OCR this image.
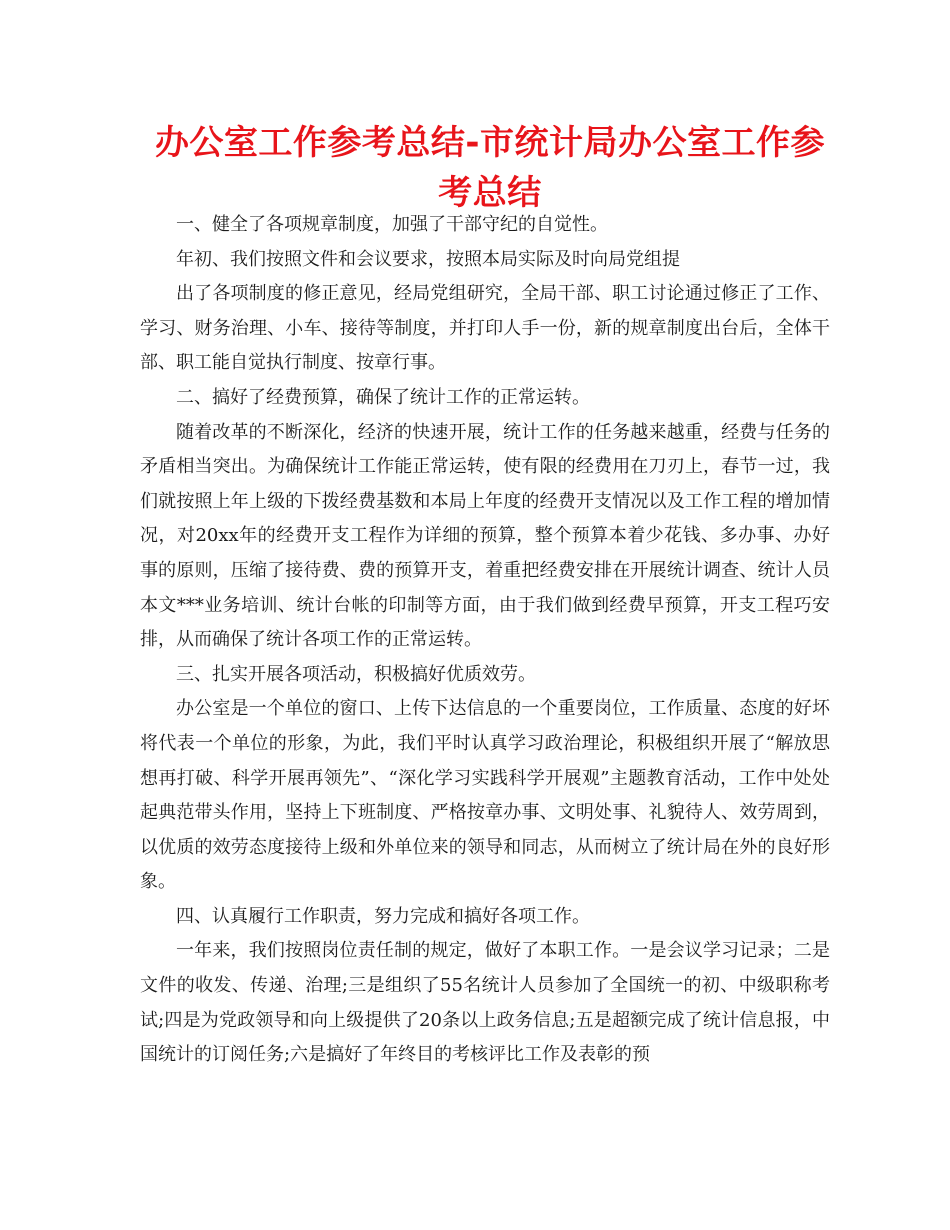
办公室工作参考总结-市统计局办公室工作参考总结

一、健全了各项规章制度，加强了干部守纪的自觉性。

年初、我们按照文件和会议要求，按照本局实际及时向局党组提

出了各项制度的修正意见，经局党组研究，全局干部、职工讨论通过修正了工作、学习、财务治理、小车、接待等制度，并打印人手一份，新的规章制度出台后，全体干部、职工能自觉执行制度、按章行事。

二、搞好了经费预算，确保了统计工作的正常运转。

随着改革的不断深化，经济的快速开展，统计工作的任务越来越重，经费与任务的矛盾相当突出。为确保统计工作能正常运转，使有限的经费用在刀刃上，春节一过，我们就按照上年上级的下拨经费基数和本局上年度的经费开支情况以及工作工程的增加情况，对20xx年的经费开支工程作为详细的预算，整个预算本着少花钱、多办事、办好事的原则，压缩了接待费、费的预算开支，着重把经费安排在开展统计调查、统计人员本文***业务培训、统计台帐的印制等方面，由于我们做到经费早预算，开支工程巧安排，从而确保了统计各项工作的正常运转。

三、扎实开展各项活动，积极搞好优质效劳。

办公室是一个单位的窗口、上传下达信息的一个重要岗位，工作质量、态度的好坏将代表一个单位的形象，为此，我们平时认真学习政治理论，积极组织开展了“解放思想再打破、科学开展再领先”、“深化学习实践科学开展观”主题教育活动，工作中处处起典范带头作用，坚持上下班制度、严格按章办事、文明处事、礼貌待人、效劳周到，以优质的效劳态度接待上级和外单位来的领导和同志，从而树立了统计局在外的良好形象。

四、认真履行工作职责，努力完成和搞好各项工作。

一年来，我们按照岗位责任制的规定，做好了本职工作。一是会议学习记录；二是文件的收发、传递、治理;三是组织了55名统计人员参加了全国统一的初、中级职称考试;四是为党政领导和向上级提供了20条以上政务信息;五是超额完成了统计信息报，中国统计的订阅任务;六是搞好了年终目的考核评比工作及表彰的预
